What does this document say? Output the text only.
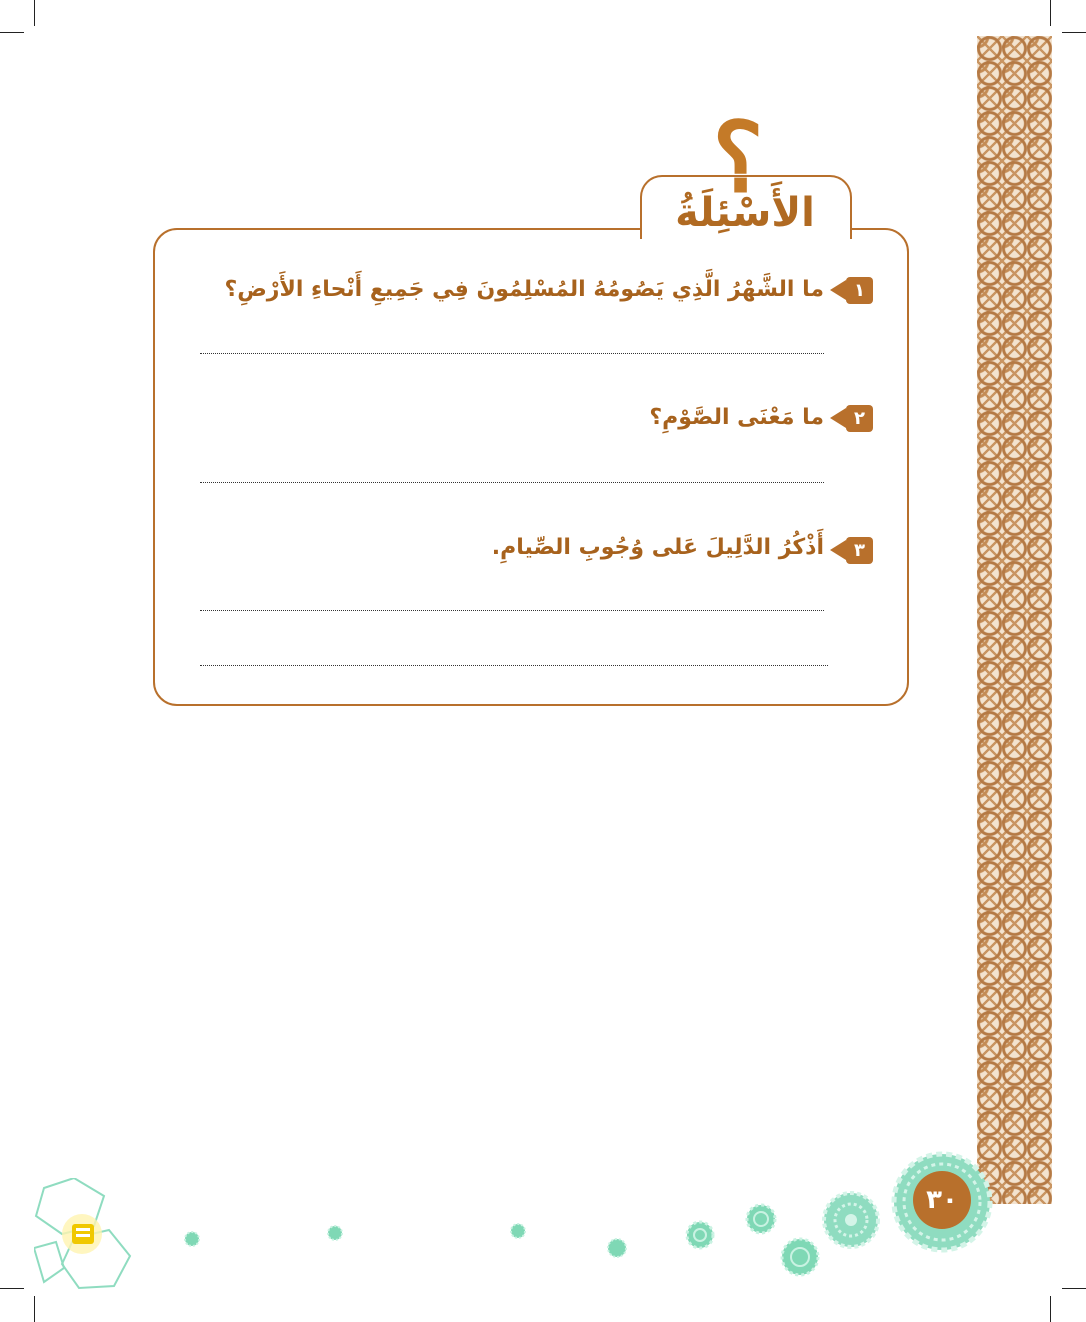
؟
الأَسْئِلَةُ
١
ما الشَّهْرُ الَّذِي يَصُومُهُ المُسْلِمُونَ فِي جَمِيعِ أَنْحاءِ الأَرْضِ؟
٢
ما مَعْنَى الصَّوْمِ؟
٣
أَذْكُرُ الدَّلِيلَ عَلى وُجُوبِ الصِّيامِ.
٣٠
